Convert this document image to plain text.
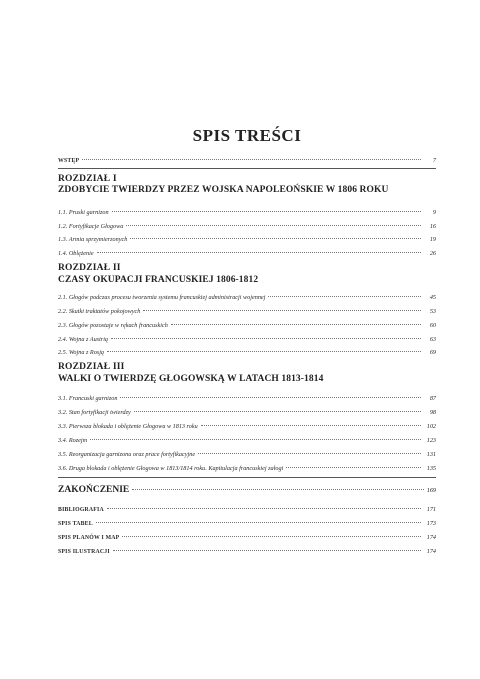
SPIS TREŚCI
WSTĘP	7
ROZDZIAŁ I
ZDOBYCIE TWIERDZY PRZEZ WOJSKA NAPOLEOŃSKIE W 1806 ROKU
1.1. Pruski garnizon	9
1.2. Fortyfikacje Głogowa	16
1.3. Armia sprzymierzonych	19
1.4. Oblężenie	26
ROZDZIAŁ II
CZASY OKUPACJI FRANCUSKIEJ 1806-1812
2.1. Głogów podczas procesu tworzenia systemu francuskiej administracji wojennej	45
2.2. Skutki traktatów pokojowych	53
2.3. Głogów pozostaje w rękach francuskich	60
2.4. Wojna z Austrią	63
2.5. Wojna z Rosją	69
ROZDZIAŁ III
WALKI O TWIERDZĘ GŁOGOWSKĄ W LATACH 1813-1814
3.1. Francuski garnizon	87
3.2. Stan fortyfikacji twierdzy	98
3.3. Pierwsza blokada i oblężenie Głogowa w 1813 roku	102
3.4. Rozejm	123
3.5. Reorganizacja garnizonu oraz prace fortyfikacyjne	131
3.6. Druga blokada i oblężenie Głogowa w 1813/1814 roku. Kapitulacja francuskiej załogi	135
ZAKOŃCZENIE	169
BIBLIOGRAFIA	171
SPIS TABEL	173
SPIS PLANÓW I MAP	174
SPIS ILUSTRACJI	174
